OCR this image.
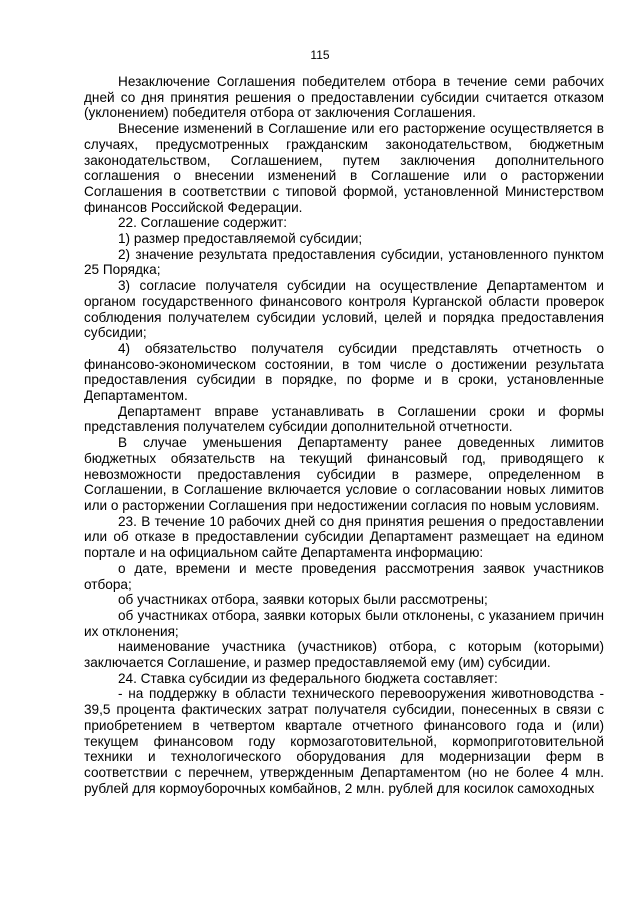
115

Незаключение Соглашения победителем отбора в течение семи рабочих дней со дня принятия решения о предоставлении субсидии считается отказом (уклонением) победителя отбора от заключения Соглашения.

Внесение изменений в Соглашение или его расторжение осуществляется в случаях, предусмотренных гражданским законодательством, бюджетным законодательством, Соглашением, путем заключения дополнительного соглашения о внесении изменений в Соглашение или о расторжении Соглашения в соответствии с типовой формой, установленной Министерством финансов Российской Федерации.

22. Соглашение содержит:

1) размер предоставляемой субсидии;

2) значение результата предоставления субсидии, установленного пунктом 25 Порядка;

3) согласие получателя субсидии на осуществление Департаментом и органом государственного финансового контроля Курганской области проверок соблюдения получателем субсидии условий, целей и порядка предоставления субсидии;

4) обязательство получателя субсидии представлять отчетность о финансово-экономическом состоянии, в том числе о достижении результата предоставления субсидии в порядке, по форме и в сроки, установленные Департаментом.

Департамент вправе устанавливать в Соглашении сроки и формы представления получателем субсидии дополнительной отчетности.

В случае уменьшения Департаменту ранее доведенных лимитов бюджетных обязательств на текущий финансовый год, приводящего к невозможности предоставления субсидии в размере, определенном в Соглашении, в Соглашение включается условие о согласовании новых лимитов или о расторжении Соглашения при недостижении согласия по новым условиям.

23. В течение 10 рабочих дней со дня принятия решения о предоставлении или об отказе в предоставлении субсидии Департамент размещает на едином портале и на официальном сайте Департамента информацию:

о дате, времени и месте проведения рассмотрения заявок участников отбора;

об участниках отбора, заявки которых были рассмотрены;

об участниках отбора, заявки которых были отклонены, с указанием причин их отклонения;

наименование участника (участников) отбора, с которым (которыми) заключается Соглашение, и размер предоставляемой ему (им) субсидии.

24. Ставка субсидии из федерального бюджета составляет:

- на поддержку в области технического перевооружения животноводства - 39,5 процента фактических затрат получателя субсидии, понесенных в связи с приобретением в четвертом квартале отчетного финансового года и (или) текущем финансовом году кормозаготовительной, кормоприготовительной техники и технологического оборудования для модернизации ферм в соответствии с перечнем, утвержденным Департаментом (но не более 4 млн. рублей для кормоуборочных комбайнов, 2 млн. рублей для косилок самоходных
